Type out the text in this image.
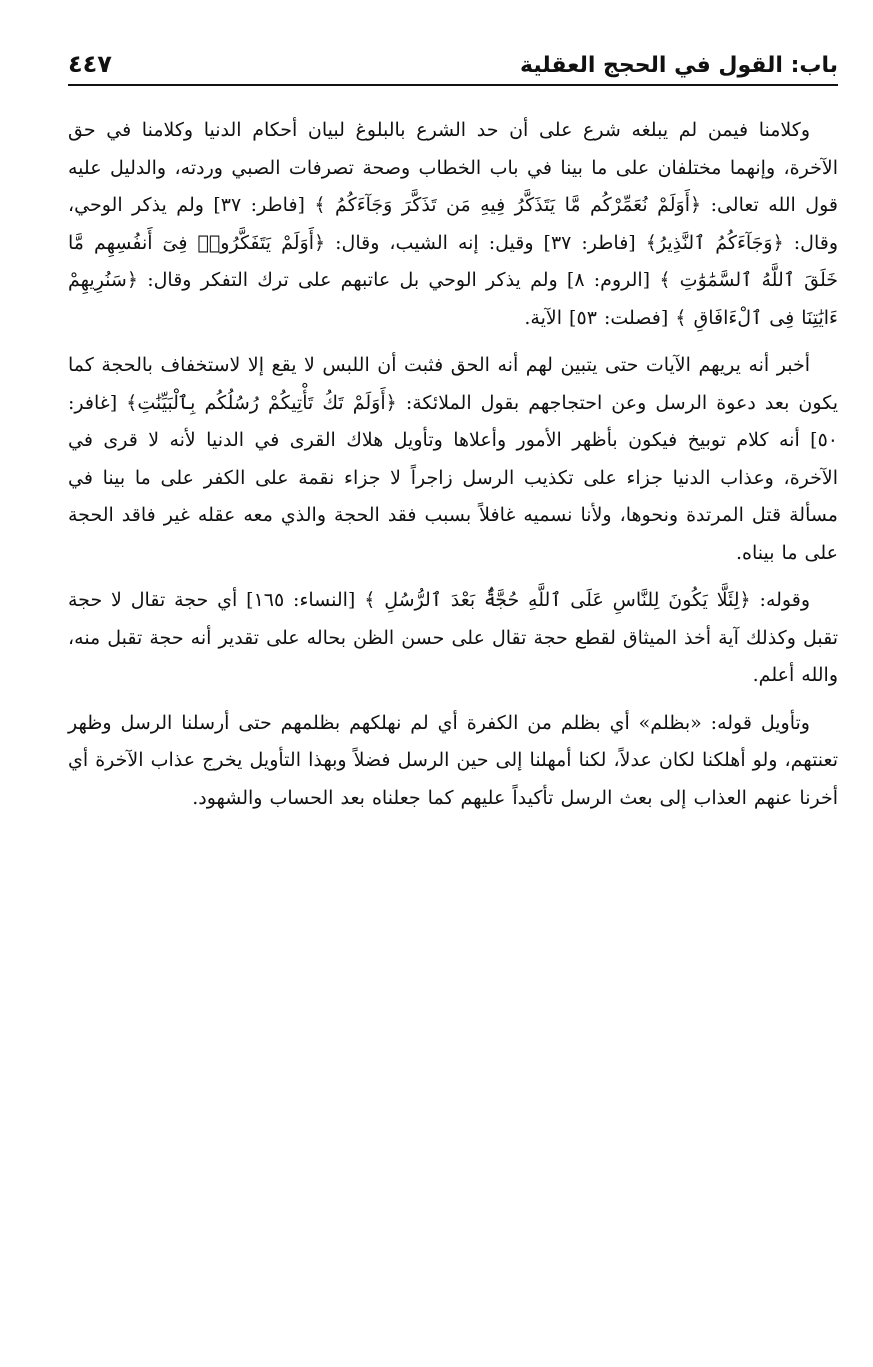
باب: القول في الحجج العقلية
٤٤٧

وكلامنا فيمن لم يبلغه شرع على أن حد الشرع بالبلوغ لبيان أحكام الدنيا وكلامنا في حق الآخرة، وإنهما مختلفان على ما بينا في باب الخطاب وصحة تصرفات الصبي وردته، والدليل عليه قول الله تعالى: ﴿أَوَلَمْ نُعَمِّرْكُم مَّا يَتَذَكَّرُ فِيهِ مَن تَذَكَّرَ وَجَآءَكُمُ ﴾ [فاطر: ٣٧] ولم يذكر الوحي، وقال: ﴿وَجَآءَكُمُ ٱلنَّذِيرُ﴾ [فاطر: ٣٧] وقيل: إنه الشيب، وقال: ﴿أَوَلَمْ يَتَفَكَّرُوا۟ فِىٓ أَنفُسِهِم مَّا خَلَقَ ٱللَّهُ ٱلسَّمَٰوَٰتِ ﴾ [الروم: ٨] ولم يذكر الوحي بل عاتبهم على ترك التفكر وقال: ﴿سَنُرِيهِمْ ءَايَٰتِنَا فِى ٱلْءَافَاقِ ﴾ [فصلت: ٥٣] الآية.

أخبر أنه يريهم الآيات حتى يتبين لهم أنه الحق فثبت أن اللبس لا يقع إلا لاستخفاف بالحجة كما يكون بعد دعوة الرسل وعن احتجاجهم بقول الملائكة: ﴿أَوَلَمْ تَكُ تَأْتِيكُمْ رُسُلُكُم بِٱلْبَيِّنَٰتِ﴾ [غافر: ٥٠] أنه كلام توبيخ فيكون بأظهر الأمور وأعلاها وتأويل هلاك القرى في الدنيا لأنه لا قرى في الآخرة، وعذاب الدنيا جزاء على تكذيب الرسل زاجراً لا جزاء نقمة على الكفر على ما بينا في مسألة قتل المرتدة ونحوها، ولأنا نسميه غافلاً بسبب فقد الحجة والذي معه عقله غير فاقد الحجة على ما بيناه.

وقوله: ﴿لِئَلَّا يَكُونَ لِلنَّاسِ عَلَى ٱللَّهِ حُجَّةٌۢ بَعْدَ ٱلرُّسُلِ ﴾ [النساء: ١٦٥] أي حجة تقال لا حجة تقبل وكذلك آية أخذ الميثاق لقطع حجة تقال على حسن الظن بحاله على تقدير أنه حجة تقبل منه، والله أعلم.

وتأويل قوله: «بظلم» أي بظلم من الكفرة أي لم نهلكهم بظلمهم حتى أرسلنا الرسل وظهر تعنتهم، ولو أهلكنا لكان عدلاً، لكنا أمهلنا إلى حين الرسل فضلاً وبهذا التأويل يخرج عذاب الآخرة أي أخرنا عنهم العذاب إلى بعث الرسل تأكيداً عليهم كما جعلناه بعد الحساب والشهود.
